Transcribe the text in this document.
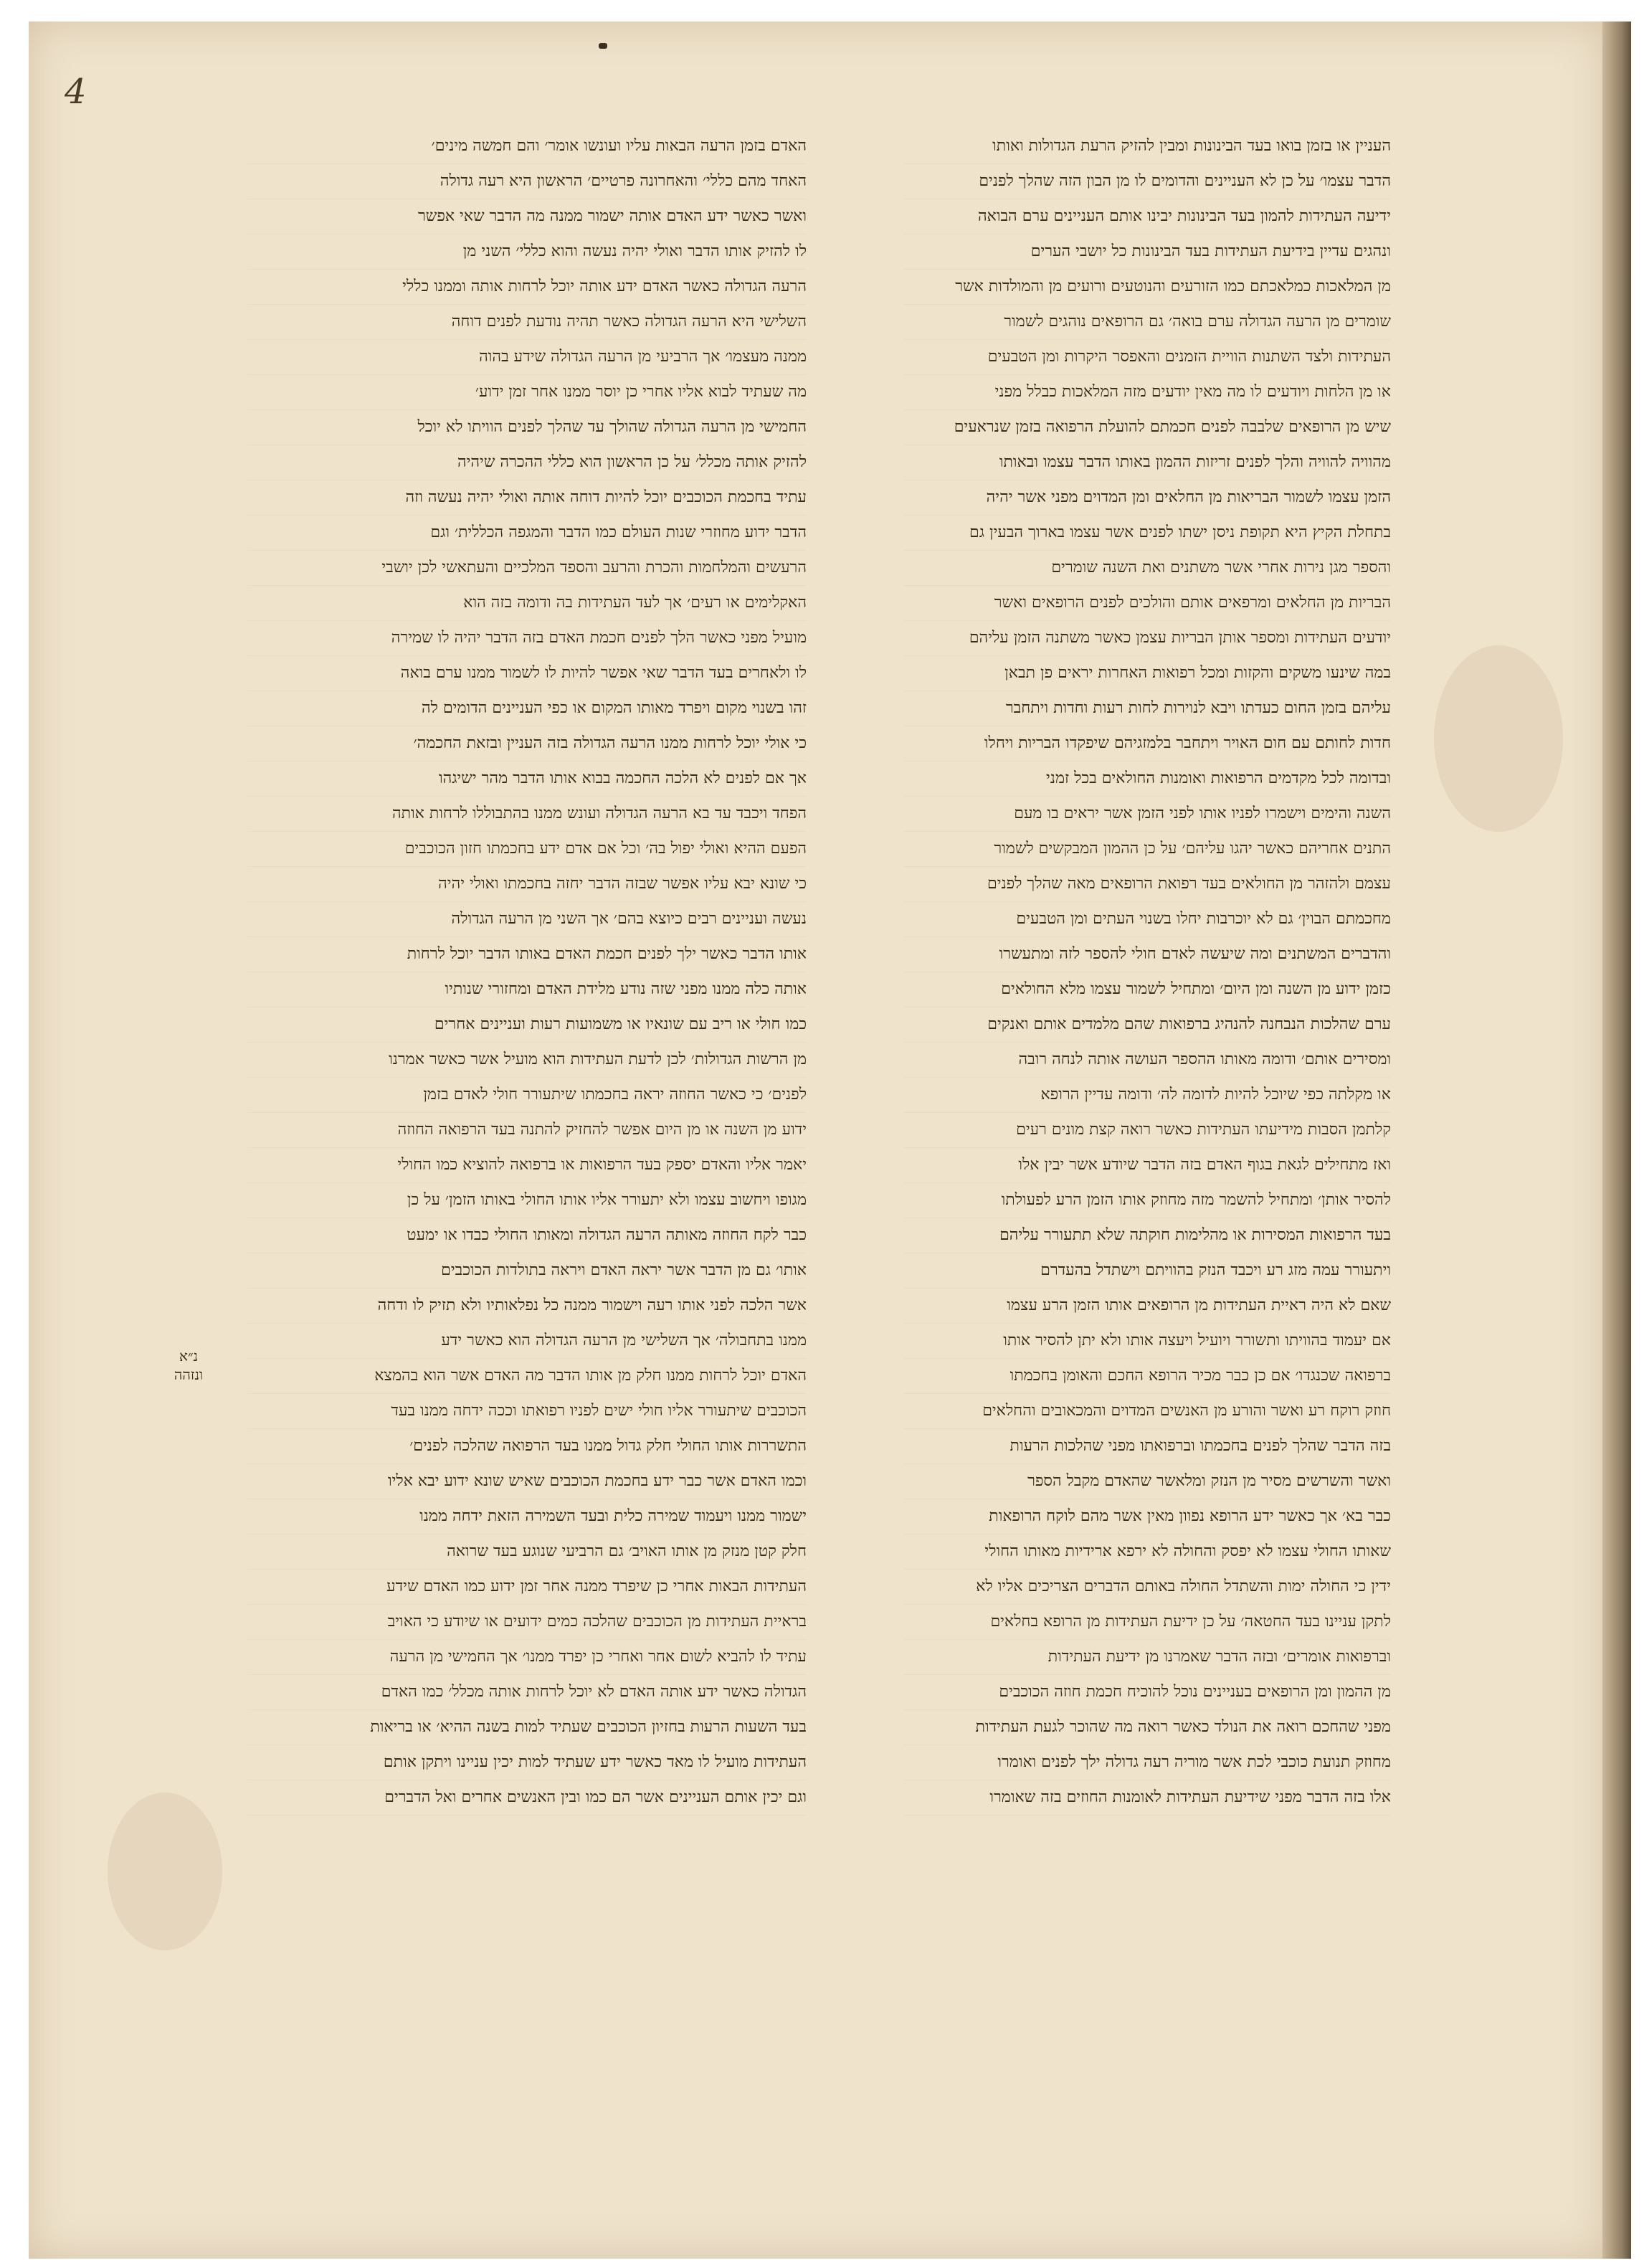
4
העניין או בזמן בואו בעד הבינונות ומבין להזיק הרעת הגדולות ואותו
הדבר עצמו׳ על כן לא העניינים והדומים לו מן הבון הזה שהלך לפנים
ידיעה העתידות להמון בעד הבינונות יבינו אותם העניינים ערם הבואה
ונהגים עדיין בידיעת העתידות בעד הבינונות כל יושבי הערים
מן המלאכות כמלאכתם כמו הזורעים והנוטעים ורועים מן והמולדות אשר
שומרים מן הרעה הגדולה ערם בואה׳ גם הרופאים נוהגים לשמור
העתידות ולצד השתנות הוויית הזמנים והאפסר היקרות ומן הטבעים
או מן הלחות ויודעים לו מה מאין יודעים מזה המלאכות כבלל מפני
שיש מן הרופאים שלבבה לפנים חכמתם להועלת הרפואה בזמן שנראעים
מהוויה להוויה והלך לפנים זריזות ההמון באותו הדבר עצמו ובאותו
הזמן עצמו לשמור הבריאות מן החלאים ומן המדוים מפני אשר יהיה
בתחלת הקיץ היא תקופת ניסן ישתו לפנים אשר עצמו בארוך הבעין גם
והספר מגן נירות אחרי אשר משתנים ואת השנה שומרים
הבריות מן החלאים ומרפאים אותם והולכים לפנים הרופאים ואשר
יודעים העתידות ומספר אותן הבריות עצמן כאשר משתנה הזמן עליהם
במה שינעו משקים והקזות ומכל רפואות האחרות יראים פן תבאן
עליהם בזמן החום כעדתו ויבא לנוירות לחות רעות וחדות ויתחבר
חדות לחותם עם חום האויר ויתחבר בלמזגיהם שיפקדו הבריות ויחלו
ובדומה לכל מקדמים הרפואות ואומנות החולאים בכל זמני
השנה והימים וישמרו לפניו אותו לפני הזמן אשר יראים בו מעם
התנים אחריהם כאשר יהגו עליהם׳ על כן ההמון המבקשים לשמור
עצמם ולהזהר מן החולאים בעד רפואת הרופאים מאה שהלך לפנים
מחכמתם הבוין׳ גם לא יוכרבות יחלו בשנוי העתים ומן הטבעים
והדברים המשתנים ומה שיעשה לאדם חולי להספר לזה ומתעשרו
כזמן ידוע מן השנה ומן היום׳ ומתחיל לשמור עצמו מלא החולאים
ערם שהלכות הנבחנה להנהיג ברפואות שהם מלמדים אותם ואנקים
ומסירים אותם׳ ודומה מאותו ההספר העושה אותה לנחה רובה
או מקלתה כפי שיוכל להיות לדומה לה׳ ודומה עדיין הרופא
קלתמן הסבות מידיעתו העתידות כאשר רואה קצת מונים רעים
ואז מתחילים לגאת בגוף האדם בזה הדבר שיודע אשר יבין אלו
להסיר אותן׳ ומתחיל להשמר מזה מחוזק אותו הזמן הרע לפעולתו
בעד הרפואות המסירות או מהלימות חוקתה שלא תתעורר עליהם
ויתעורר עמה מזג רע ויכבד הנזק בהוויתם וישתדל בהעדרם
שאם לא היה ראיית העתידות מן הרופאים אותו הזמן הרע עצמו
אם יעמוד בהוויתו ותשורר ויועיל ויעצה אותו ולא יתן להסיר אותו
ברפואה שכנגדו׳ אם כן כבר מכיר הרופא החכם והאומן בחכמתו
חוזק רוקח רע ואשר והורע מן האנשים המדוים והמכאובים והחלאים
בזה הדבר שהלך לפנים בחכמתו וברפואתו מפני שהלכות הרעות
ואשר והשרשים מסיר מן הנזק ומלאשר שהאדם מקבל הספר
כבר בא׳ אך כאשר ידע הרופא נפוון מאין אשר מהם לוקח הרופאות
שאותו החולי עצמו לא יפסק והחולה לא ירפא ארידיות מאותו החולי
ידין כי החולה ימות והשתדל החולה באותם הדברים הצריכים אליו לא
לתקן עניינו בעד החטאה׳ על כן ידיעת העתידות מן הרופא בחלאים
וברפואות אומרים׳ ובזה הדבר שאמרנו מן ידיעת העתידות
מן ההמון ומן הרופאים בעניינים נוכל להוכיח חכמת חוזה הכוכבים
מפני שהחכם רואה את הנולד כאשר רואה מה שהוכר לגעת העתידות
מחוזק תנועת כוכבי לכת אשר מוריה רעה גדולה ילך לפנים ואומרו
אלו בזה הדבר מפני שידיעת העתידות לאומנות החוזים בזה שאומרו
האדם בזמן הרעה הבאות עליו ועונשו אומר׳ והם חמשה מינים׳
האחד מהם כללי׳ והאחרונה פרטיים׳ הראשון היא רעה גדולה
ואשר כאשר ידע האדם אותה ישמור ממנה מה הדבר שאי אפשר
לו להזיק אותו הדבר ואולי יהיה נעשה והוא כללי׳ השני מן
הרעה הגדולה כאשר האדם ידע אותה יוכל לרחות אותה וממנו כללי
השלישי היא הרעה הגדולה כאשר תהיה נודעת לפנים דוחה
ממנה מעצמו׳ אך הרביעי מן הרעה הגדולה שידע בהוה
מה שעתיד לבוא אליו אחרי כן יוסר ממנו אחר זמן ידוע׳
החמישי מן הרעה הגדולה שהולך עד שהלך לפנים הוויתו לא יוכל
להזיק אותה מכלל׳ על כן הראשון הוא כללי ההכרה שיהיה
עתיד בחכמת הכוכבים יוכל להיות דוחה אותה ואולי יהיה נעשה וזה
הדבר ידוע מחוזרי שנות העולם כמו הדבר והמגפה הכללית׳ וגם
הרעשים והמלחמות והכרת והרעב והספד המלכיים והעתאשי לכן יושבי
האקלימים או רעים׳ אך לעד העתידות בה ודומה בזה הוא
מועיל מפני כאשר הלך לפנים חכמת האדם בזה הדבר יהיה לו שמירה
לו ולאחרים בעד הדבר שאי אפשר להיות לו לשמור ממנו ערם בואה
זהו בשנוי מקום ויפרד מאותו המקום או כפי העניינים הדומים לה
כי אולי יוכל לרחות ממנו הרעה הגדולה בזה העניין ובזאת החכמה׳
אך אם לפנים לא הלכה החכמה בבוא אותו הדבר מהר ישיגהו
הפחד ויכבד עד בא הרעה הגדולה ועונש ממנו בהתבוללו לרחות אותה
הפעם ההיא ואולי יפול בה׳ וכל אם אדם ידע בחכמתו חזון הכוכבים
כי שונא יבא עליו אפשר שבזה הדבר יחזה בחכמתו ואולי יהיה
נעשה ועניינים רבים כיוצא בהם׳ אך השני מן הרעה הגדולה
אותו הדבר כאשר ילך לפנים חכמת האדם באותו הדבר יוכל לרחות
אותה כלה ממנו מפני שזה נודע מלידת האדם ומחזורי שנותיו
כמו חולי או ריב עם שונאיו או משמועות רעות ועניינים אחרים
מן הרשות הגדולות׳ לכן לדעת העתידות הוא מועיל אשר כאשר אמרנו
לפנים׳ כי כאשר החוזה יראה בחכמתו שיתעורר חולי לאדם בזמן
ידוע מן השנה או מן היום אפשר להחזיק להתנה בעד הרפואה החוזה
יאמר אליו והאדם יספק בעד הרפואות או ברפואה להוציא כמו החולי
מגופו ויחשוב עצמו ולא יתעורר אליו אותו החולי באותו הזמן׳ על כן
כבר לקח החוזה מאותה הרעה הגדולה ומאותו החולי כבדו או ימעט
אותו׳ גם מן הדבר אשר יראה האדם ויראה בתולדות הכוכבים
אשר הלכה לפני אותו רעה וישמור ממנה כל נפלאותיו ולא תזיק לו ודחה
ממנו בתחבולה׳ אך השלישי מן הרעה הגדולה הוא כאשר ידע
האדם יוכל לרחות ממנו חלק מן אותו הדבר מה האדם אשר הוא בהמצא
הכוכבים שיתעורר אליו חולי ישים לפניו רפואתו וככה ידחה ממנו בעד
התשררות אותו החולי חלק גדול ממנו בעד הרפואה שהלכה לפנים׳
וכמו האדם אשר כבר ידע בחכמת הכוכבים שאיש שונא ידוע יבא אליו
ישמור ממנו ויעמוד שמירה כלית ובעד השמירה הזאת ידחה ממנו
חלק קטן מנזק מן אותו האויב׳ גם הרביעי שנוגע בעד שרואה
העתידות הבאות אחרי כן שיפרד ממנה אחר זמן ידוע כמו האדם שידע
בראיית העתידות מן הכוכבים שהלכה כמים ידועים או שיודע כי האויב
עתיד לו להביא לשום אחר ואחרי כן יפרד ממנו׳ אך החמישי מן הרעה
הגדולה כאשר ידע אותה האדם לא יוכל לרחות אותה מכלל׳ כמו האדם
בעד השעות הרעות בחזיון הכוכבים שעתיד למות בשנה ההיא׳ או בריאות
העתידות מועיל לו מאד כאשר ידע שעתיד למות יכין עניינו ויתקן אותם
וגם יכין אותם העניינים אשר הם כמו ובין האנשים אחרים ואל הדברים
נ״א ונזהה
